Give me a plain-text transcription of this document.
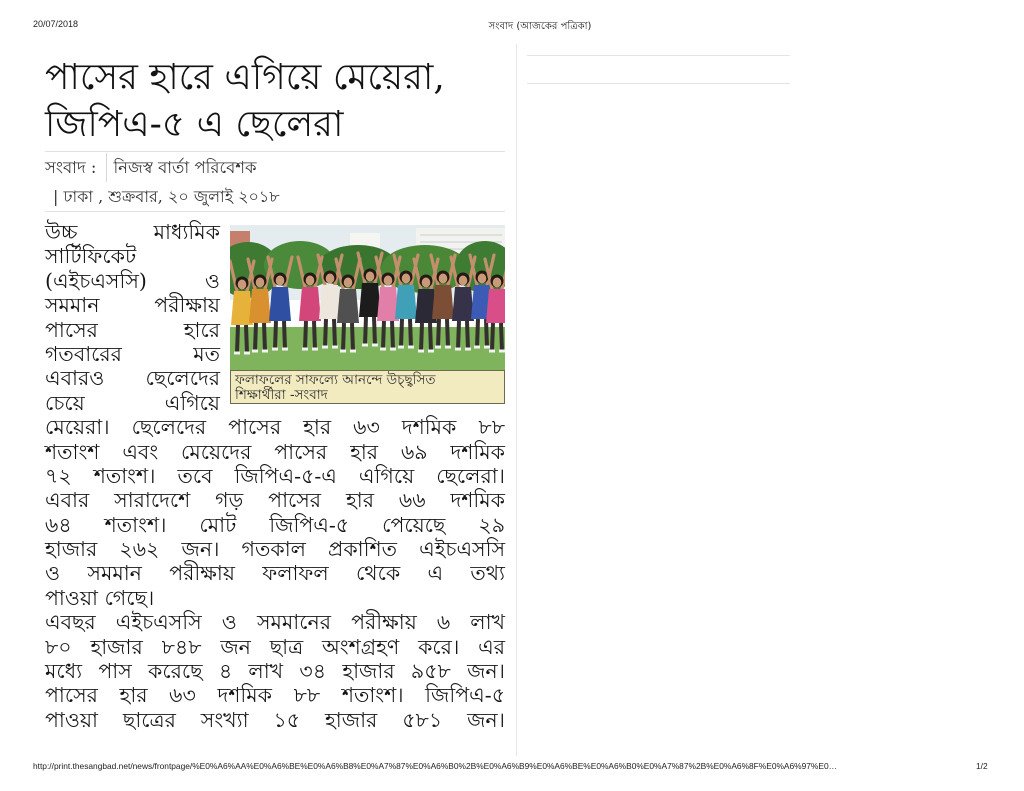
20/07/2018	সংবাদ (আজকের পত্রিকা)
পাসের হারে এগিয়ে মেয়েরা,
জিপিএ-৫ এ ছেলেরা
সংবাদ : নিজস্ব বার্তা পরিবেশক
| ঢাকা , শুক্রবার, ২০ জুলাই ২০১৮
ফলাফলের সাফল্যে আনন্দে উচ্ছ্বসিত
শিক্ষার্থীরা -সংবাদ
উচ্চ মাধ্যমিক
সার্টিফিকেট
(এইচএসসি) ও
সমমান পরীক্ষায়
পাসের হারে
গতবারের মত
এবারও ছেলেদের
চেয়ে এগিয়ে
মেয়েরা। ছেলেদের পাসের হার ৬৩ দশমিক ৮৮
শতাংশ এবং মেয়েদের পাসের হার ৬৯ দশমিক
৭২ শতাংশ। তবে জিপিএ-৫-এ এগিয়ে ছেলেরা।
এবার সারাদেশে গড় পাসের হার ৬৬ দশমিক
৬৪ শতাংশ। মোট জিপিএ-৫ পেয়েছে ২৯
হাজার ২৬২ জন। গতকাল প্রকাশিত এইচএসসি
ও সমমান পরীক্ষায় ফলাফল থেকে এ তথ্য
পাওয়া গেছে।
এবছর এইচএসসি ও সমমানের পরীক্ষায় ৬ লাখ
৮০ হাজার ৮৪৮ জন ছাত্র অংশগ্রহণ করে। এর
মধ্যে পাস করেছে ৪ লাখ ৩৪ হাজার ৯৫৮ জন।
পাসের হার ৬৩ দশমিক ৮৮ শতাংশ। জিপিএ-৫
পাওয়া ছাত্রের সংখ্যা ১৫ হাজার ৫৮১ জন।
http://print.thesangbad.net/news/frontpage/%E0%A6%AA%E0%A6%BE%E0%A6%B8%E0%A7%87%E0%A6%B0%2B%E0%A6%B9%E0%A6%BE%E0%A6%B0%E0%A7%87%2B%E0%A6%8F%E0%A6%97%E0…	1/2
